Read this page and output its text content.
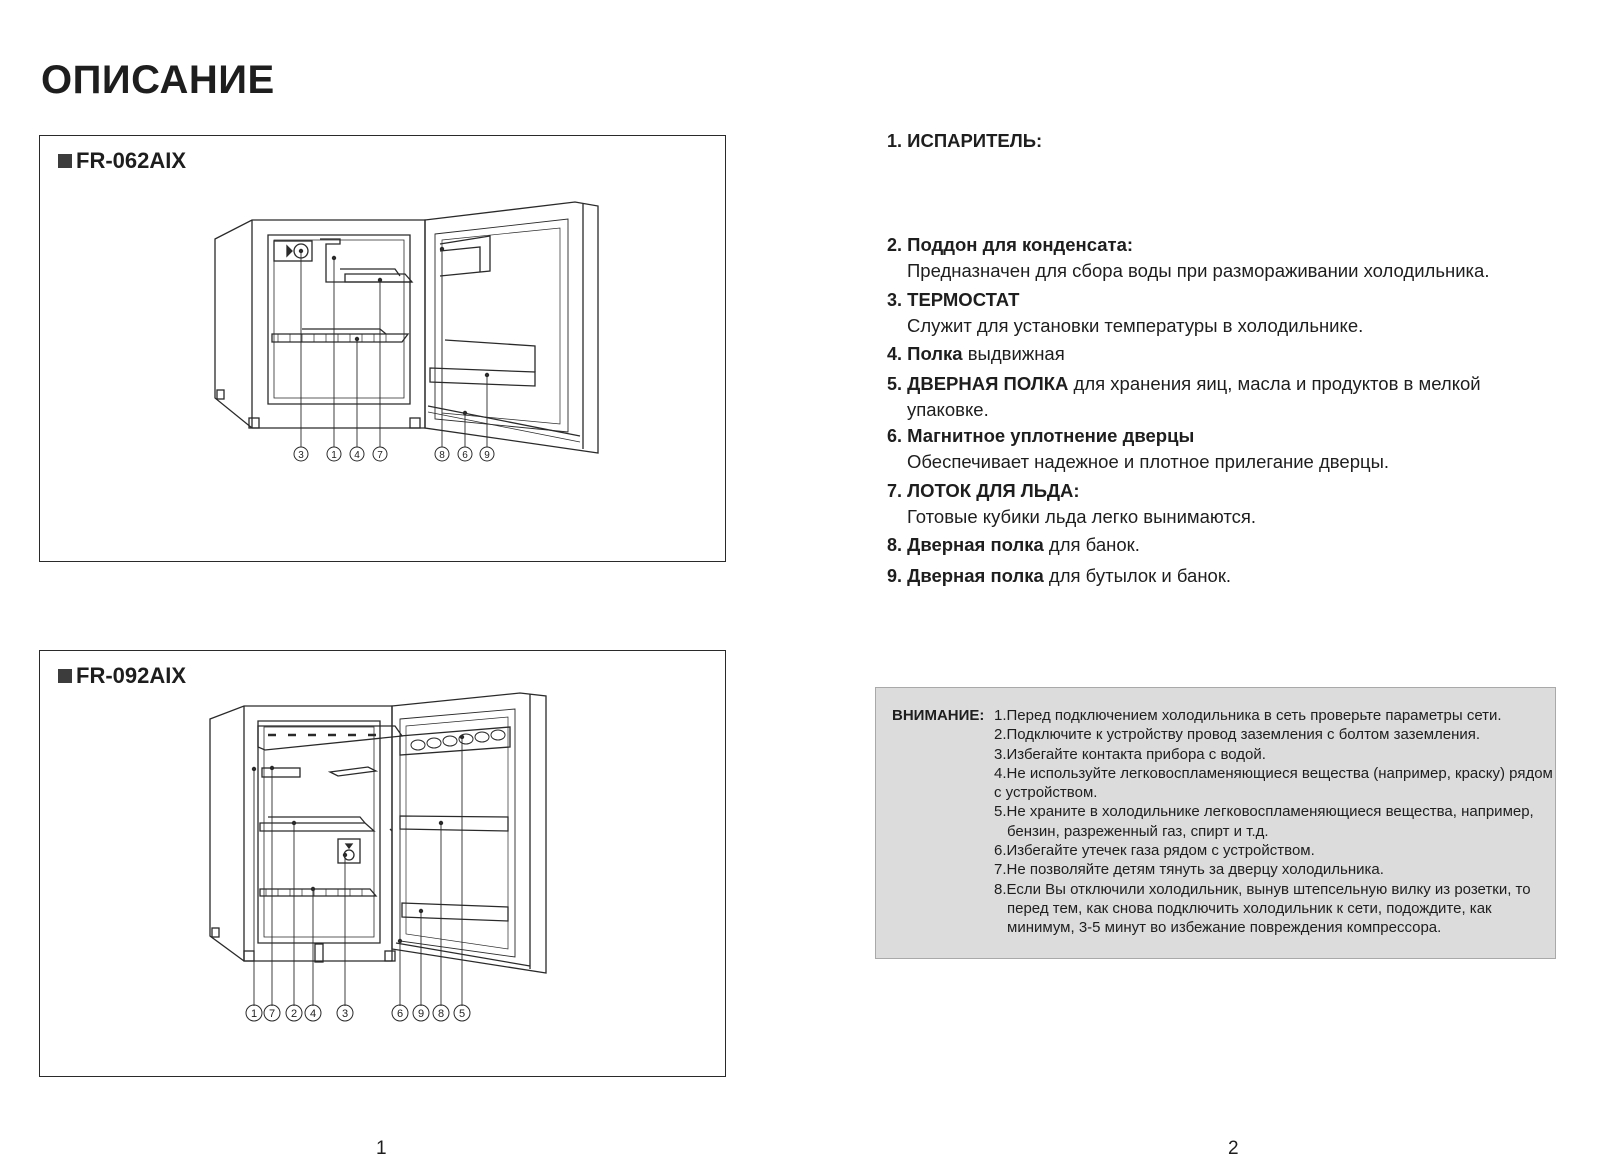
ОПИСАНИЕ
FR-062AIX
3	1 4 7	8 6 9
FR-092AIX
1 7 2 4 3	6 9 8 5
1. ИСПАРИТЕЛЬ:
2. Поддон для конденсата:
Предназначен для сбора воды при размораживании холодильника.
3. ТЕРМОСТАТ
Служит для установки температуры в холодильнике.
4. Полка выдвижная
5. ДВЕРНАЯ ПОЛКА для хранения яиц, масла и продуктов в мелкой
упаковке.
6. Магнитное уплотнение дверцы
Обеспечивает надежное и плотное прилегание дверцы.
7. ЛОТОК ДЛЯ ЛЬДА:
Готовые кубики льда легко вынимаются.
8. Дверная полка для банок.
9. Дверная полка для бутылок и банок.
ВНИМАНИЕ: 1.Перед подключением холодильника в сеть проверьте параметры сети.
2.Подключите к устройству провод заземления с болтом заземления.
3.Избегайте контакта прибора с водой.
4.Не используйте легковоспламеняющиеся вещества (например, краску) рядом с устройством.
5.Не храните в холодильнике легковоспламеняющиеся вещества, например, бензин, разреженный газ, спирт и т.д.
6.Избегайте утечек газа рядом с устройством.
7.Не позволяйте детям тянуть за дверцу холодильника.
8.Если Вы отключили холодильник, вынув штепсельную вилку из розетки, то перед тем, как снова подключить холодильник к сети, подождите, как минимум, 3-5 минут во избежание повреждения компрессора.
1	2
